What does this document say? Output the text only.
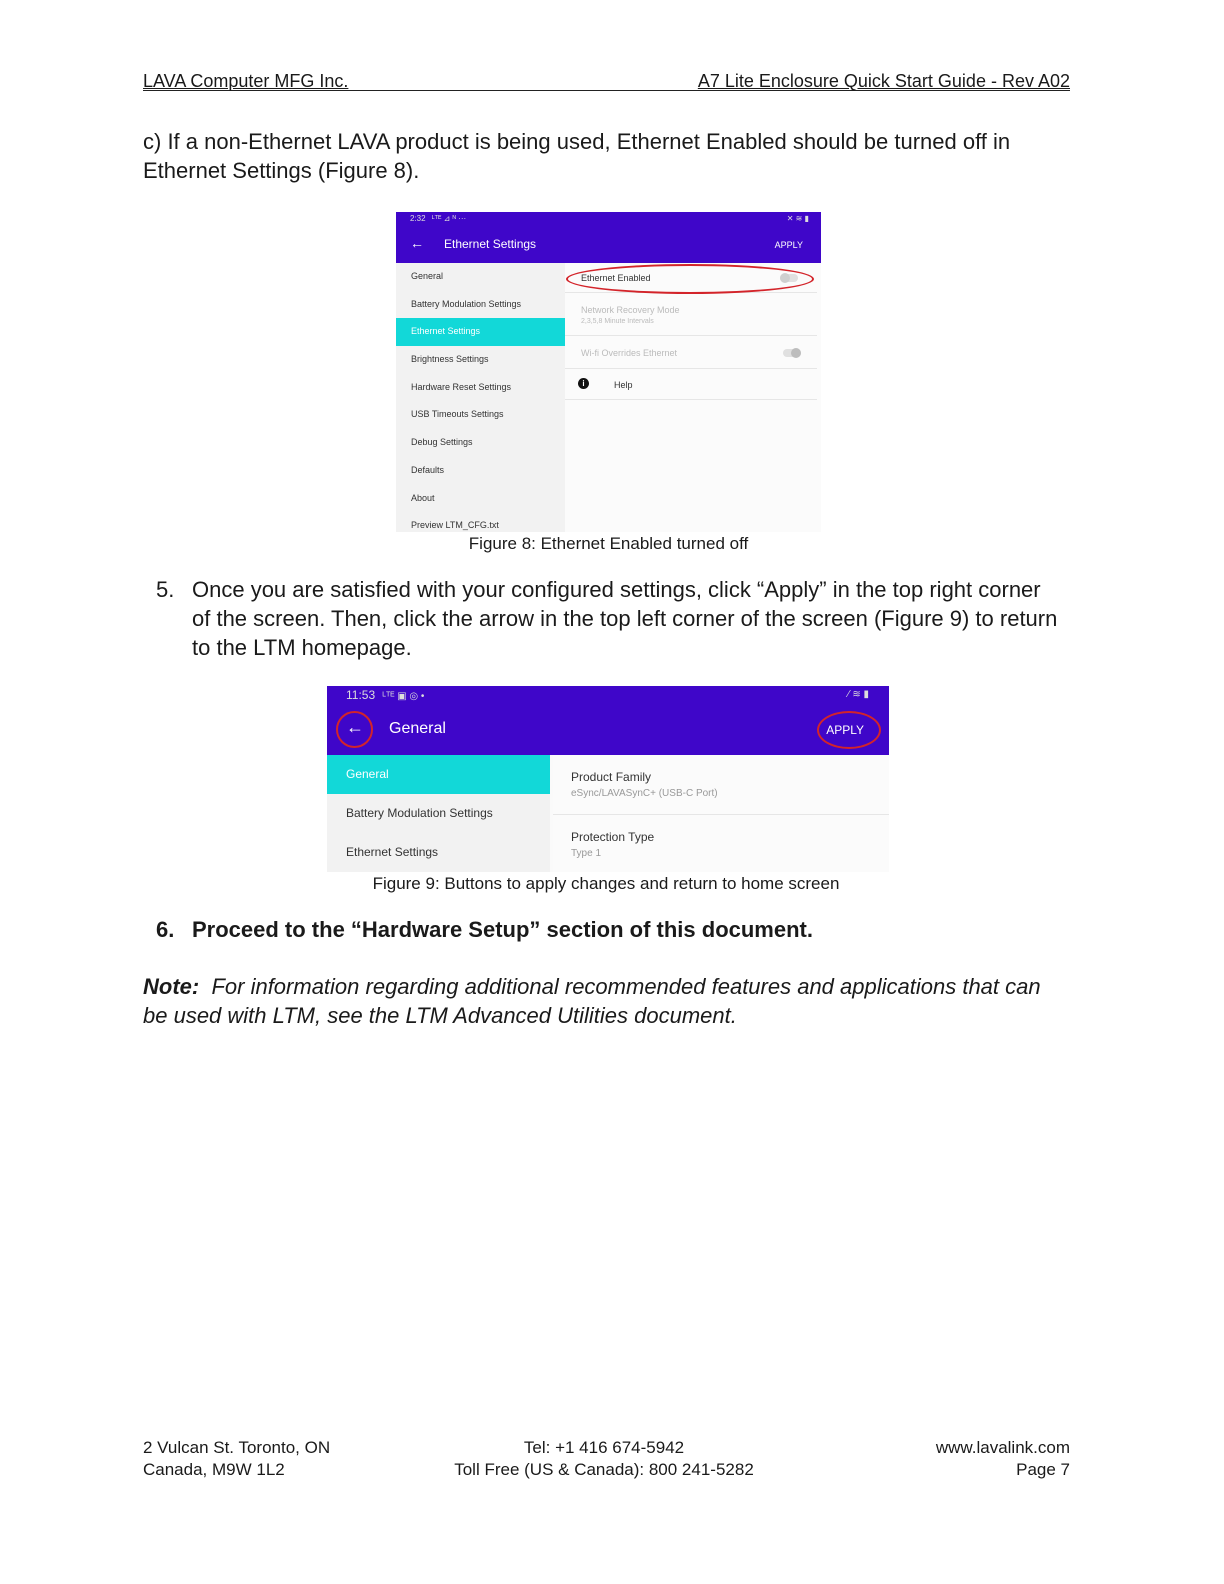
LAVA Computer MFG Inc.	A7 Lite Enclosure Quick Start Guide - Rev A02
c) If a non-Ethernet LAVA product is being used, Ethernet Enabled should be turned off in
Ethernet Settings (Figure 8).
2:32 ᴸᵀᴱ ⊿ ᴺ ···	✕ ≋ ▮
← Ethernet Settings	APPLY
General
Battery Modulation Settings
Ethernet Settings
Brightness Settings
Hardware Reset Settings
USB Timeouts Settings
Debug Settings
Defaults
About
Preview LTM_CFG.txt
Ethernet Enabled
Network Recovery Mode
2,3,5,8 Minute Intervals
Wi-fi Overrides Ethernet
i	Help
Figure 8: Ethernet Enabled turned off
5. Once you are satisfied with your configured settings, click “Apply” in the top right corner
of the screen. Then, click the arrow in the top left corner of the screen (Figure 9) to return
to the LTM homepage.
11:53 ᴸᵀᴱ ▣ ◎ •	⁄ ≋ ▮
← General	APPLY
General
Battery Modulation Settings
Ethernet Settings
Product Family
eSync/LAVASynC+ (USB-C Port)
Protection Type
Type 1
Figure 9: Buttons to apply changes and return to home screen
6. Proceed to the “Hardware Setup” section of this document.
Note: For information regarding additional recommended features and applications that can
be used with LTM, see the LTM Advanced Utilities document.
2 Vulcan St. Toronto, ON
Canada, M9W 1L2
Tel: +1 416 674-5942
Toll Free (US & Canada): 800 241-5282
www.lavalink.com
Page 7
